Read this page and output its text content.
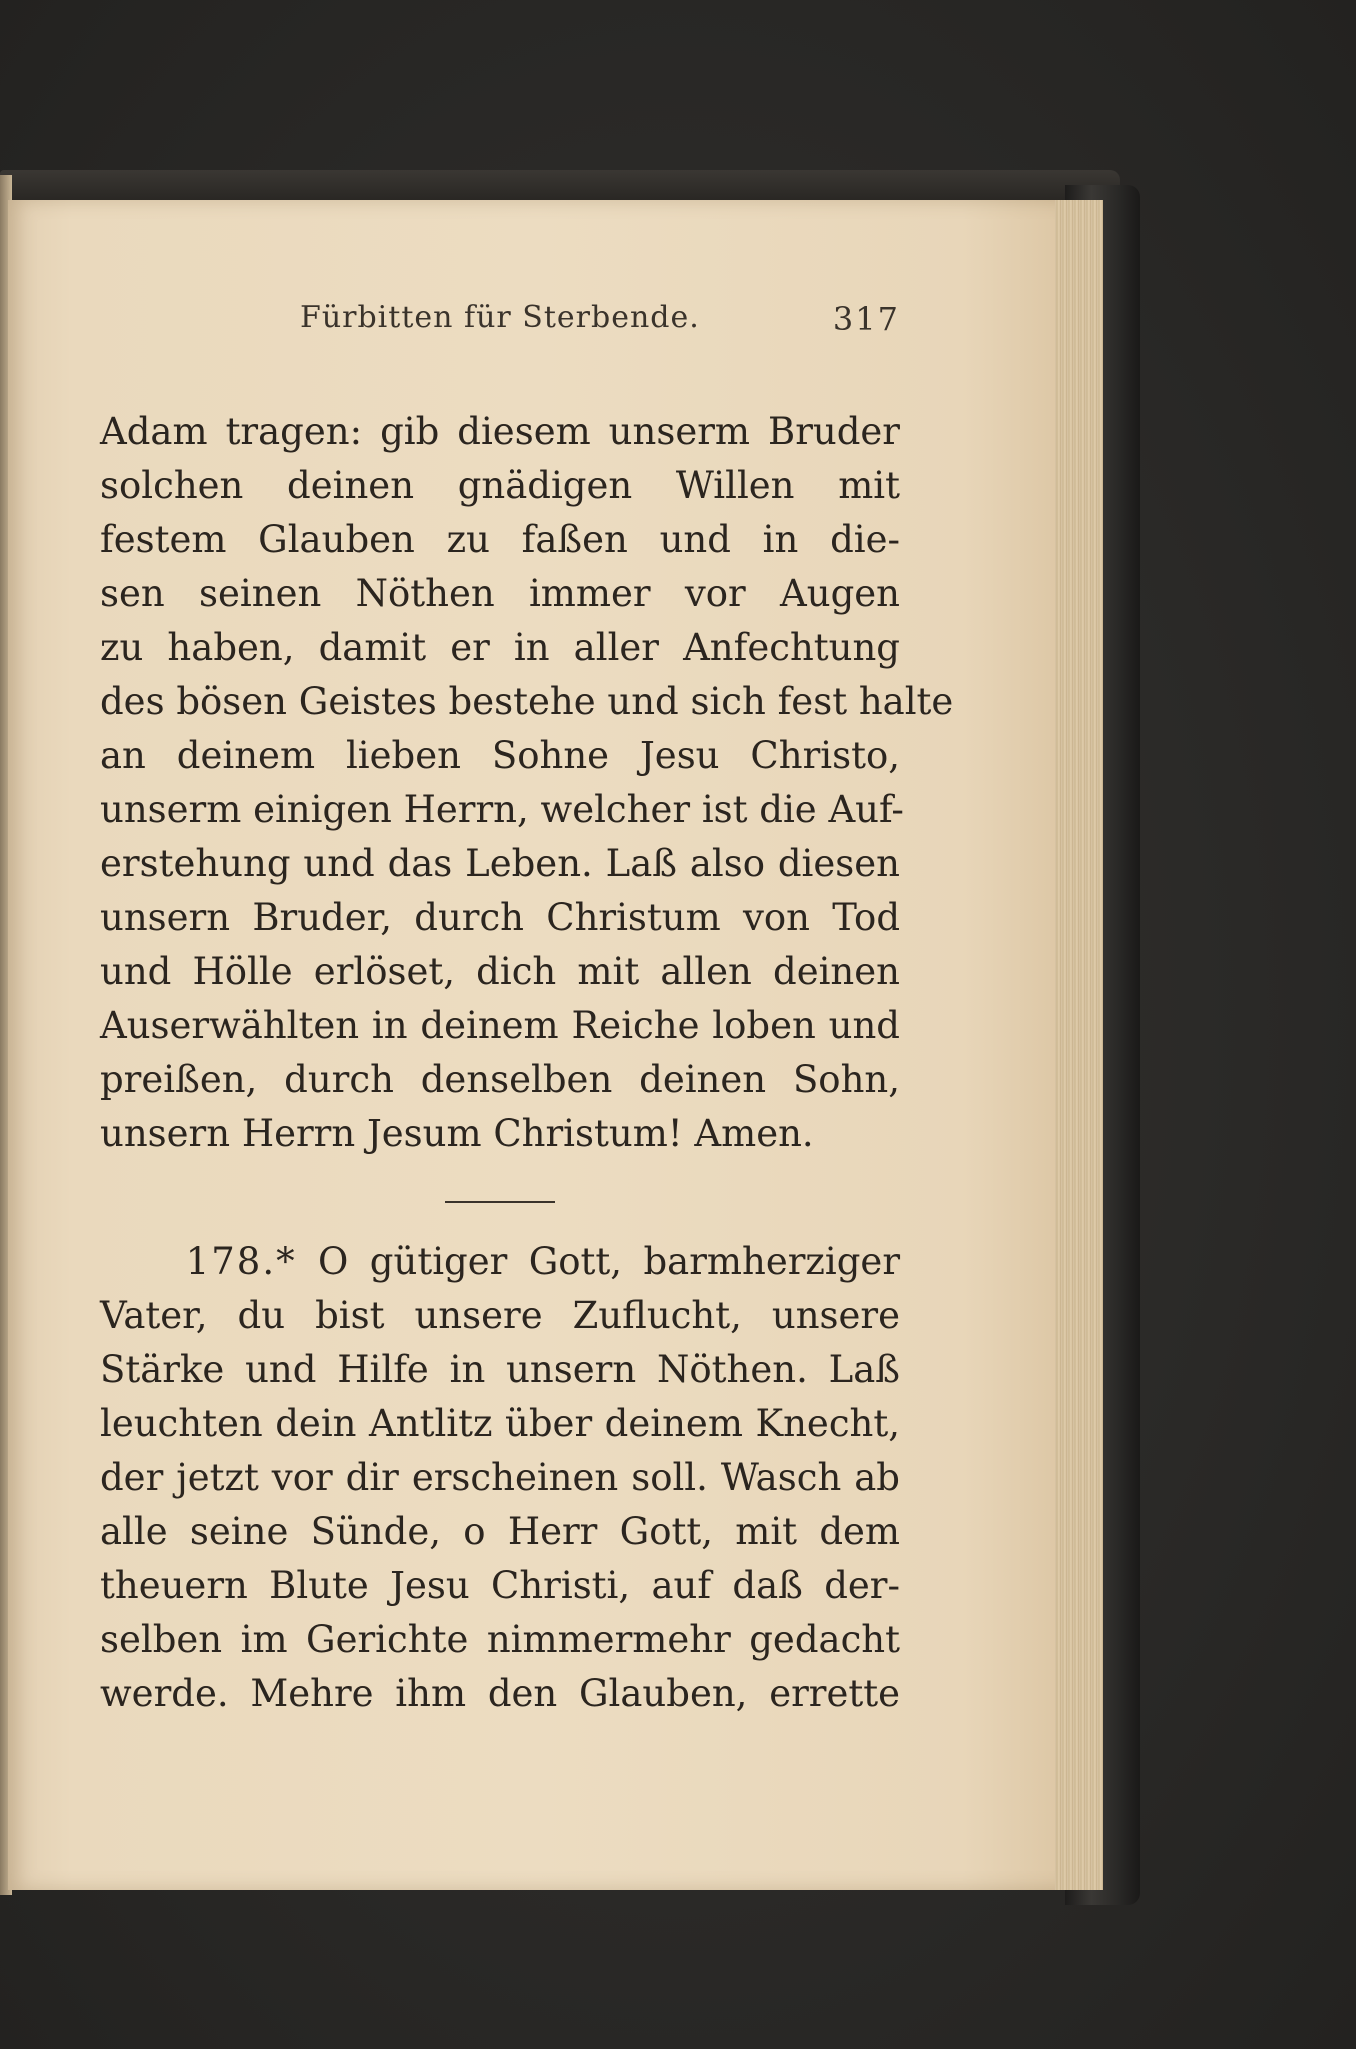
Fürbitten für Sterbende.	317
Adam tragen: gib diesem unserm Bruder
solchen deinen gnädigen Willen mit
festem Glauben zu faßen und in die-
sen seinen Nöthen immer vor Augen
zu haben, damit er in aller Anfechtung
des bösen Geistes bestehe und sich fest halte
an deinem lieben Sohne Jesu Christo,
unserm einigen Herrn, welcher ist die Auf-
erstehung und das Leben. Laß also diesen
unsern Bruder, durch Christum von Tod
und Hölle erlöset, dich mit allen deinen
Auserwählten in deinem Reiche loben und
preißen, durch denselben deinen Sohn,
unsern Herrn Jesum Christum! Amen.
178.* O gütiger Gott, barmherziger
Vater, du bist unsere Zuflucht, unsere
Stärke und Hilfe in unsern Nöthen. Laß
leuchten dein Antlitz über deinem Knecht,
der jetzt vor dir erscheinen soll. Wasch ab
alle seine Sünde, o Herr Gott, mit dem
theuern Blute Jesu Christi, auf daß der-
selben im Gerichte nimmermehr gedacht
werde. Mehre ihm den Glauben, errette
